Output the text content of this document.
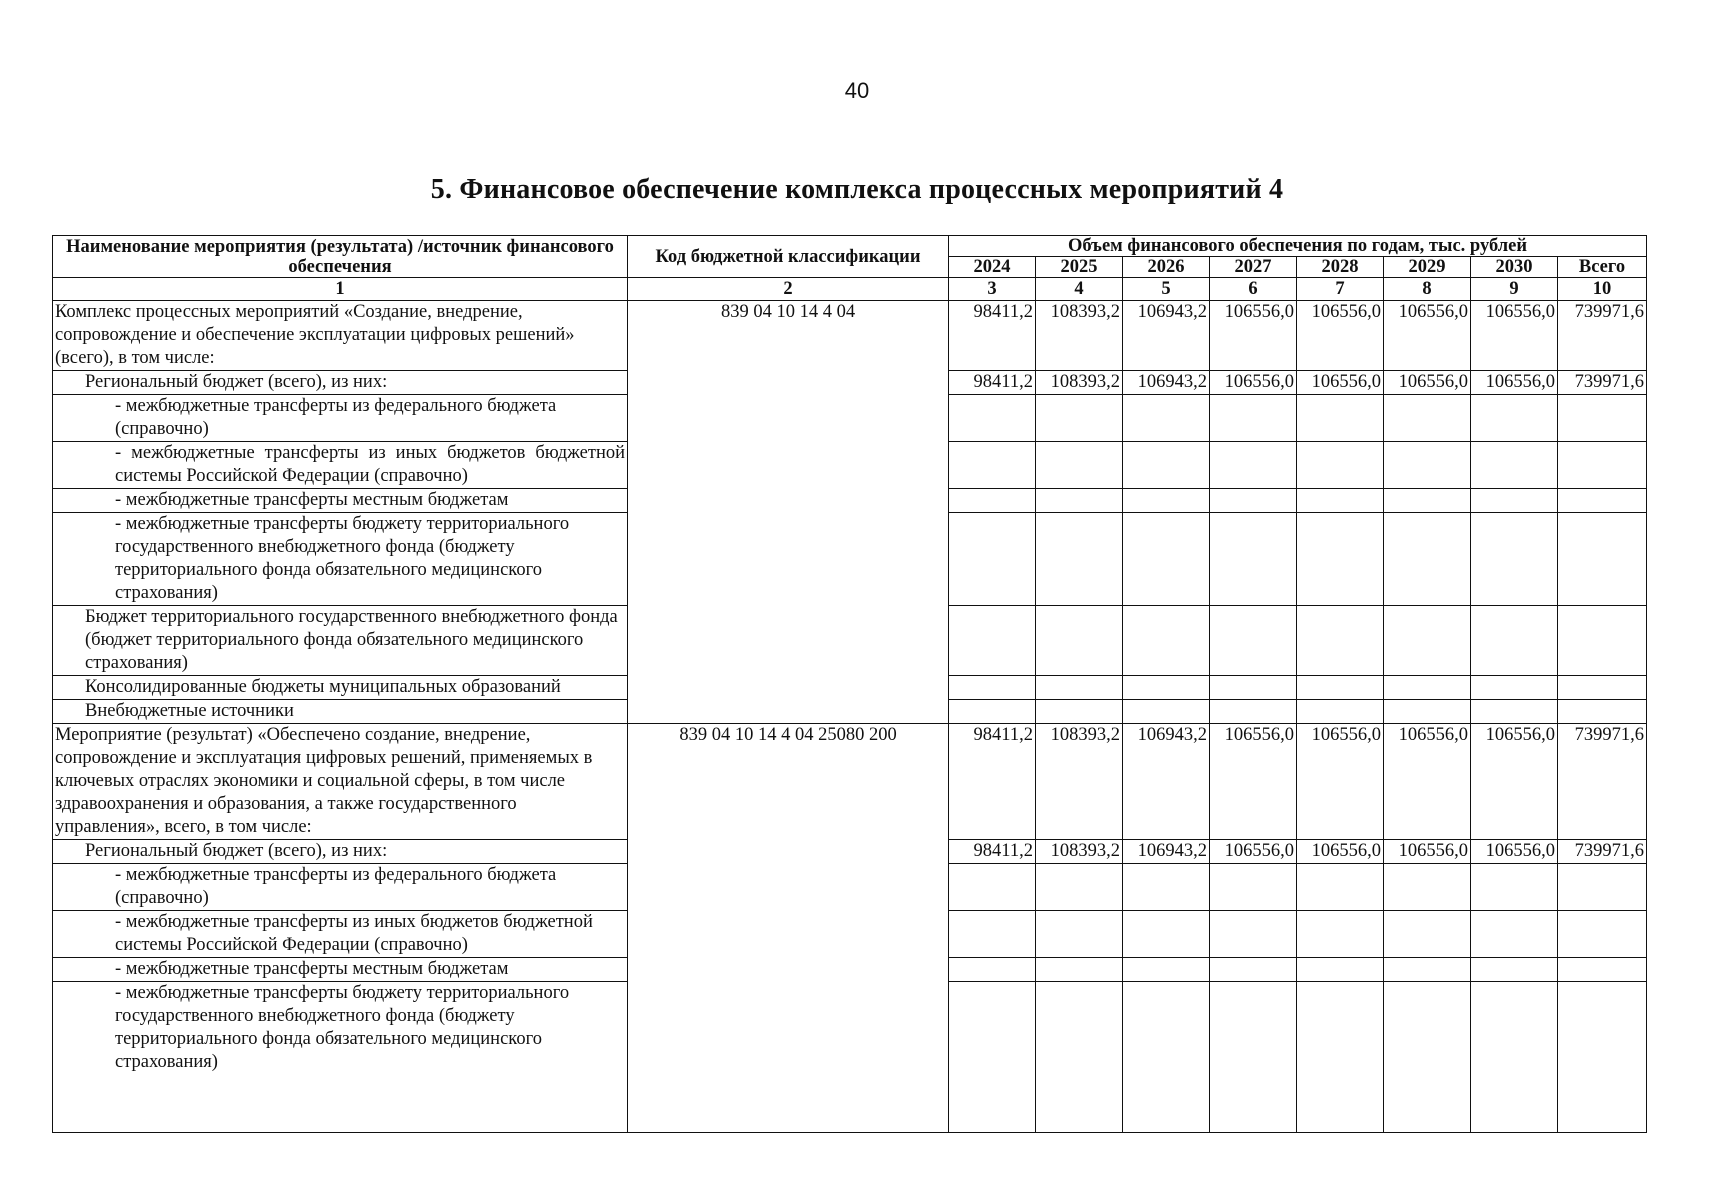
40
5. Финансовое обеспечение комплекса процессных мероприятий 4
Наименование мероприятия (результата) /источник финансового обеспечения	Код бюджетной классификации	Объем финансового обеспечения по годам, тыс. рублей							
		2024	2025	2026	2027	2028	2029	2030	Всего
1	2	3	4	5	6	7	8	9	10
Комплекс процессных мероприятий «Создание, внедрение, сопровождение и обеспечение эксплуатации цифровых решений» (всего), в том числе:	839 04 10 14 4 04	98411,2	108393,2	106943,2	106556,0	106556,0	106556,0	106556,0	739971,6
Региональный бюджет (всего), из них:		98411,2	108393,2	106943,2	106556,0	106556,0	106556,0	106556,0	739971,6
- межбюджетные трансферты из федерального бюджета (справочно)									
- межбюджетные трансферты из иных бюджетов бюджетной системы Российской Федерации (справочно)									
- межбюджетные трансферты местным бюджетам									
- межбюджетные трансферты бюджету территориального государственного внебюджетного фонда (бюджету территориального фонда обязательного медицинского страхования)									
Бюджет территориального государственного внебюджетного фонда (бюджет территориального фонда обязательного медицинского страхования)									
Консолидированные бюджеты муниципальных образований									
Внебюджетные источники									
Мероприятие (результат) «Обеспечено создание, внедрение, сопровождение и эксплуатация цифровых решений, применяемых в ключевых отраслях экономики и социальной сферы, в том числе здравоохранения и образования, а также государственного управления», всего, в том числе:	839 04 10 14 4 04 25080 200	98411,2	108393,2	106943,2	106556,0	106556,0	106556,0	106556,0	739971,6
Региональный бюджет (всего), из них:		98411,2	108393,2	106943,2	106556,0	106556,0	106556,0	106556,0	739971,6
- межбюджетные трансферты из федерального бюджета (справочно)									
- межбюджетные трансферты из иных бюджетов бюджетной системы Российской Федерации (справочно)									
- межбюджетные трансферты местным бюджетам									
- межбюджетные трансферты бюджету территориального государственного внебюджетного фонда (бюджету территориального фонда обязательного медицинского страхования)									
